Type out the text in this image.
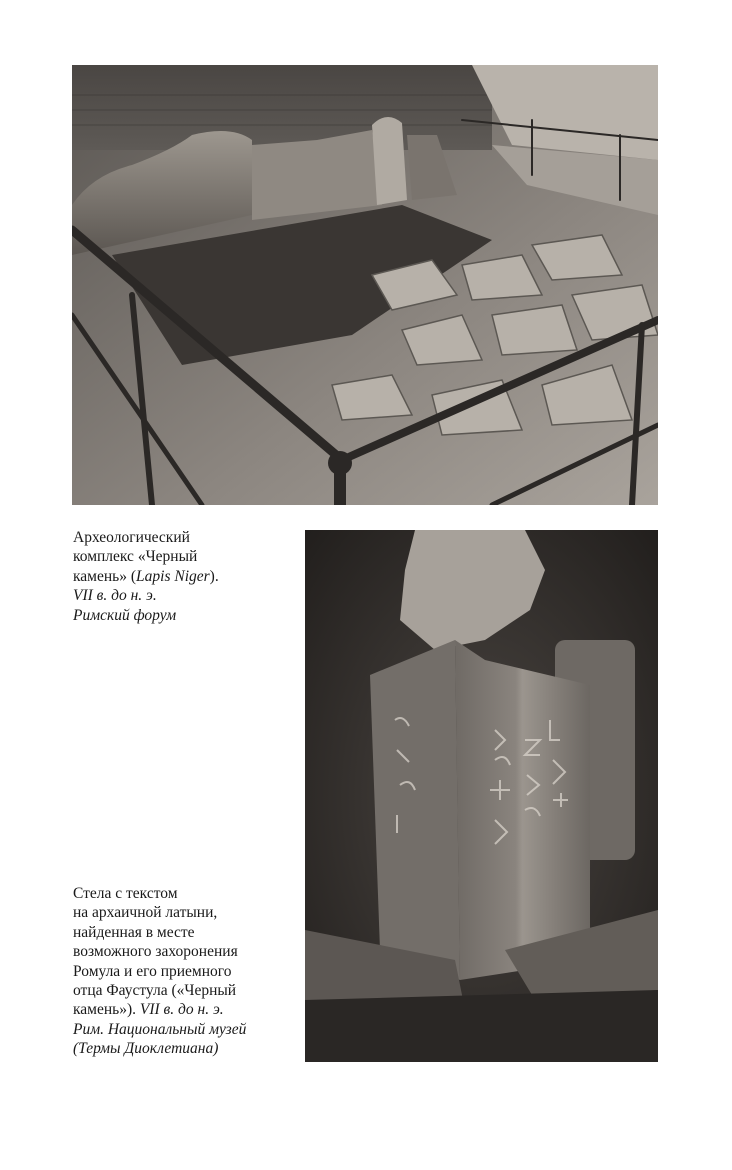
Археологический
комплекс «Черный
камень» (Lapis Niger).
VII в. до н. э.
Римский форум
Стела с текстом
на архаичной латыни,
найденная в месте
возможного захоронения
Ромула и его приемного
отца Фаустула («Черный
камень»). VII в. до н. э.
Рим. Национальный музей
(Термы Диоклетиана)
